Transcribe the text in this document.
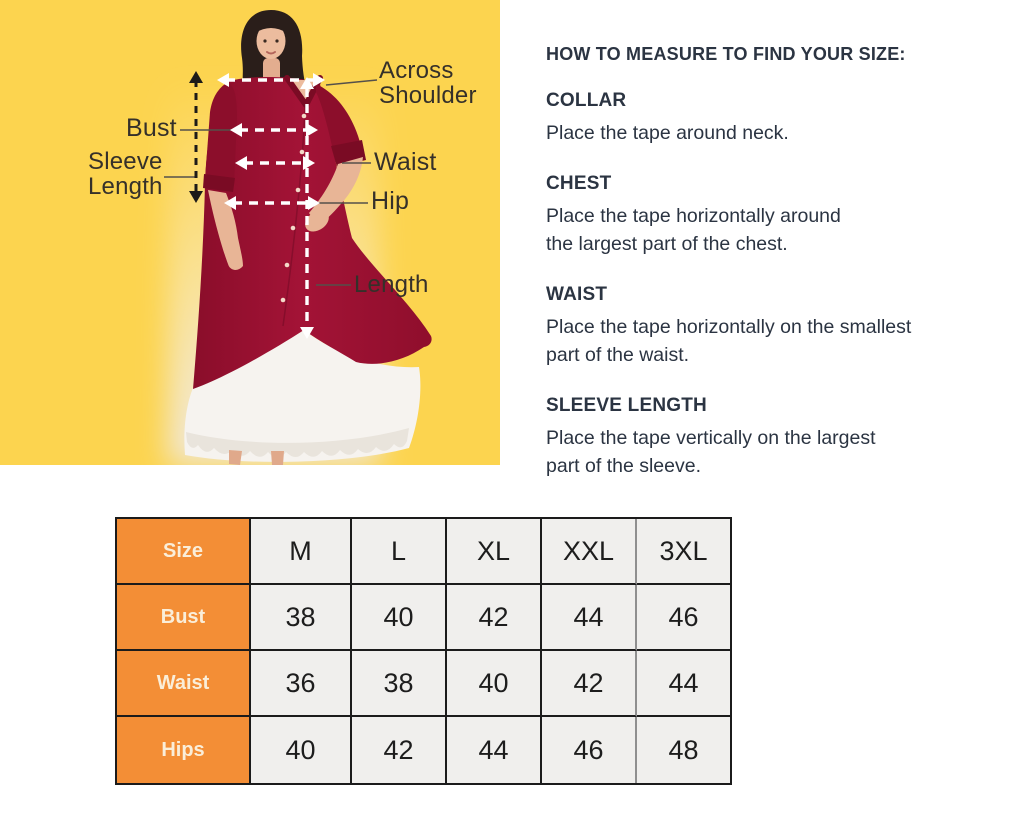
Bust
Sleeve
Length
Across
Shoulder
Waist
Hip
Length

HOW TO MEASURE TO FIND YOUR SIZE:

COLLAR

Place the tape around neck.

CHEST

Place the tape horizontally around
the largest part of the chest.

WAIST

Place the tape horizontally on the smallest
part of the waist.

SLEEVE LENGTH

Place the tape vertically on the largest
part of the sleeve.
Size	M	L	XL	XXL	3XL
Bust	38	40	42	44	46
Waist	36	38	40	42	44
Hips	40	42	44	46	48
